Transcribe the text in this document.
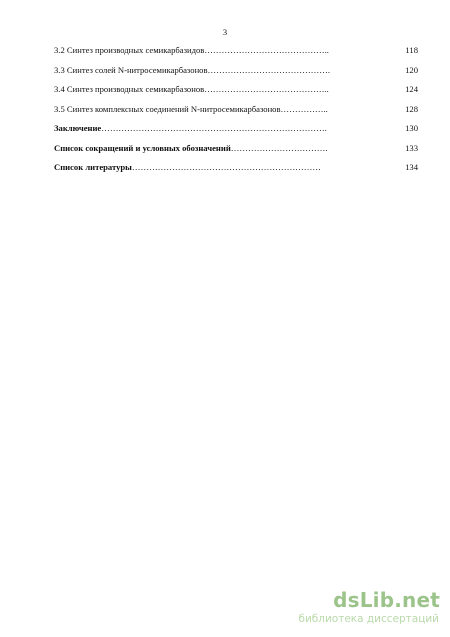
3
3.2 Синтез производных семикарбазидов……………………………………..	118
3.3 Синтез солей N-нитросемикарбазонов…………………………………….	120
3.4 Синтез производных семикарбазонов……………………………………..	124
3.5 Синтез комплексных соединений N-нитросемикарбазонов……………..	128
Заключение…………………………………………………………………….	130
Список сокращений и условных обозначений…………………………….	133
Список литературы…………………………………………………………	134
dsLib.net
библиотека диссертаций
